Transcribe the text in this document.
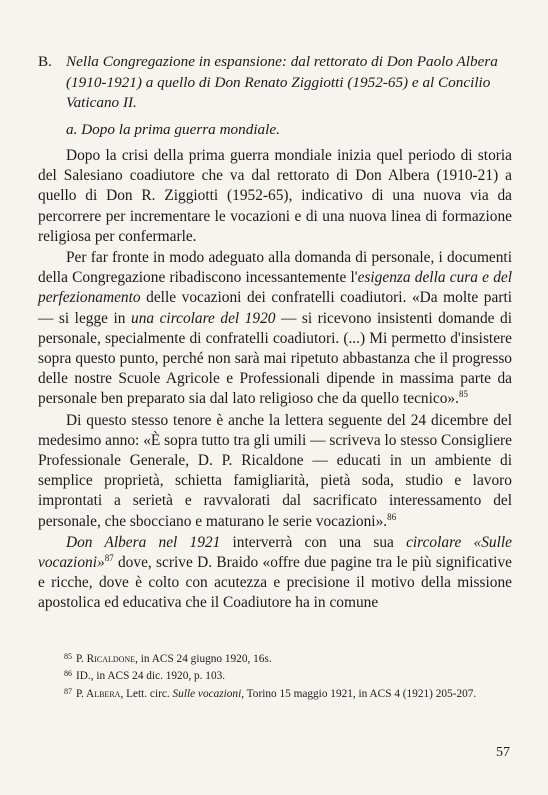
B. Nella Congregazione in espansione: dal rettorato di Don Paolo Albera (1910-1921) a quello di Don Renato Ziggiotti (1952-65) e al Concilio Vaticano II.
a. Dopo la prima guerra mondiale.

Dopo la crisi della prima guerra mondiale inizia quel periodo di storia del Salesiano coadiutore che va dal rettorato di Don Albera (1910-21) a quello di Don R. Ziggiotti (1952-65), indicativo di una nuova via da percorrere per incrementare le vocazioni e di una nuova linea di formazione religiosa per confermarle.

Per far fronte in modo adeguato alla domanda di personale, i documenti della Congregazione ribadiscono incessantemente l'esigenza della cura e del perfezionamento delle vocazioni dei confratelli coadiutori. «Da molte parti — si legge in una circolare del 1920 — si ricevono insistenti domande di personale, specialmente di confratelli coadiutori. (...) Mi permetto d'insistere sopra questo punto, perché non sarà mai ripetuto abbastanza che il progresso delle nostre Scuole Agricole e Professionali dipende in massima parte da personale ben preparato sia dal lato religioso che da quello tecnico».$^{85}$

Di questo stesso tenore è anche la lettera seguente del 24 dicembre del medesimo anno: «È sopra tutto tra gli umili — scriveva lo stesso Consigliere Professionale Generale, D. P. Ricaldone — educati in un ambiente di semplice proprietà, schietta famigliarità, pietà soda, studio e lavoro improntati a serietà e ravvalorati dal sacrificato interessamento del personale, che sbocciano e maturano le serie vocazioni».$^{86}$

Don Albera nel 1921 interverrà con una sua circolare «Sulle vocazioni»$^{87}$ dove, scrive D. Braido «offre due pagine tra le più significative e ricche, dove è colto con acutezza e precisione il motivo della missione apostolica ed educativa che il Coadiutore ha in comune

$^{85}$ P. Ricaldone, in ACS 24 giugno 1920, 16s.

$^{86}$ ID., in ACS 24 dic. 1920, p. 103.

$^{87}$ P. Albera, Lett. circ. Sulle vocazioni, Torino 15 maggio 1921, in ACS 4 (1921) 205-207.

57
